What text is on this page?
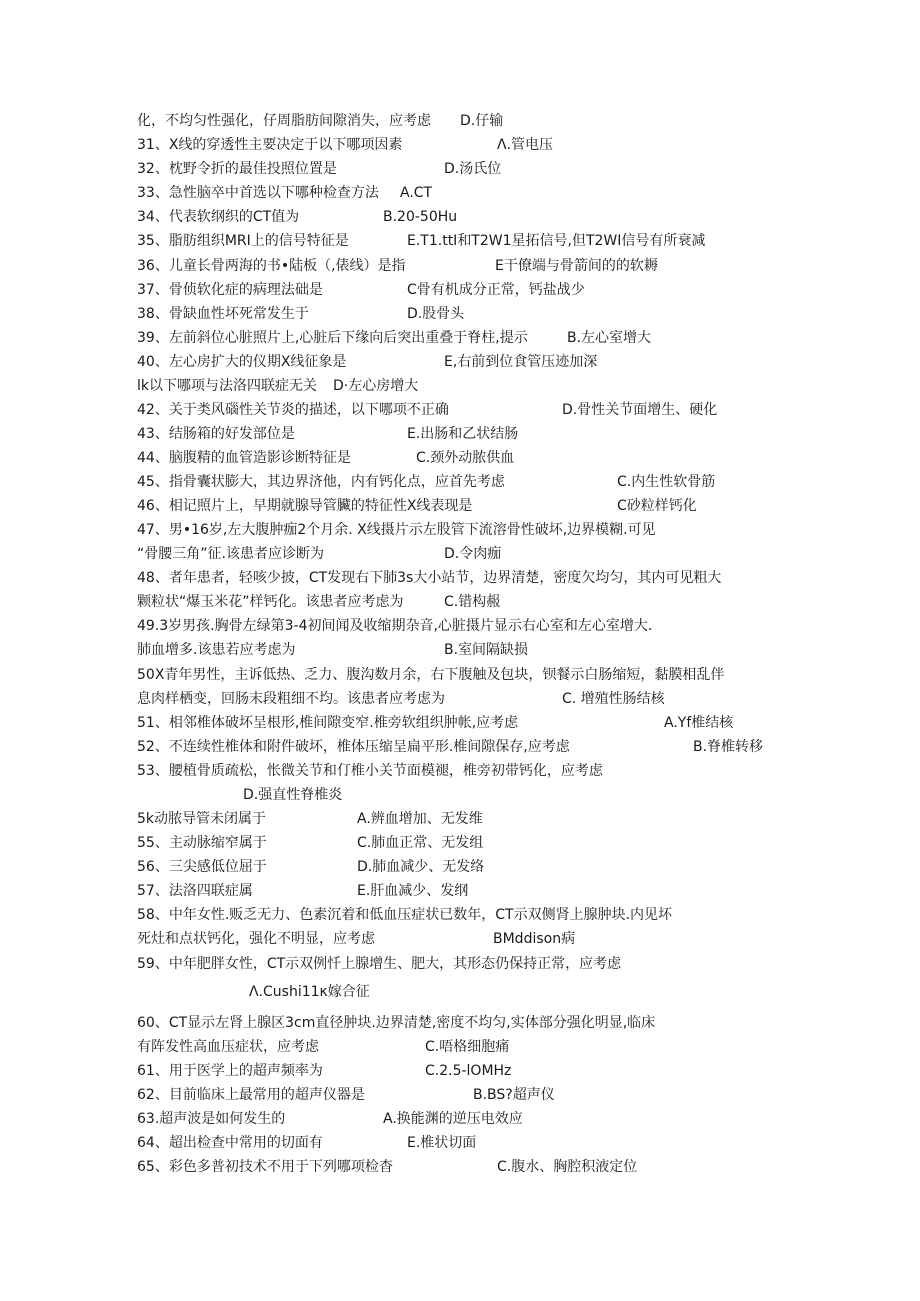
化，不均匀性强化，仔周脂肪间隙消失，应考虑 D.仔输
31、X线的穿透性主要决定于以下哪项因素	Λ.管电压
32、枕野令折的最佳投照位置是	D.汤氏位
33、急性脑卒中首选以下哪种检查方法 A.CT
34、代表软纲织的CT值为	B.20-50Hu
35、脂肪组织MRI上的信号特征是	E.T1.ttI和T2W1星拓信号,但T2WI信号有所衰减
36、儿童长骨两海的书•陆板（,俵线）是指	E干僚端与骨箭间的的软耨
37、骨侦软化症的病理法础是	C骨有机成分正常，钙盐战少
38、骨缺血性坏死常发生于	D.股骨头
39、左前斜位心脏照片上,心脏后下缘向后突出重叠于脊柱,提示	B.左心室增大
40、左心房扩大的仪期X线征象是	E,右前到位食管压迹加深
lk以下哪项与法洛四联症无关 D·左心房增大
42、关于类风碯性关节炎的描述，以下哪项不正确	D.骨性关节面增生、硬化
43、结肠箱的好发部位是	E.出肠和乙状结肠
44、脑腹精的血管造影诊断特征是	C.颈外动脓供血
45、指骨囊状膨大，其边界济他，内有钙化点，应首先考虑	C.内生性软骨筋
46、相记照片上，早期就腺导管臟的特征性X线表现是	C砂粒样钙化
47、男•16岁,左大腹肿痂2个月余. X线摄片示左股管下流溶骨性破坏,边界模糊.可见
“骨腰三角”征.该患者应诊断为	D.令肉痂
48、者年患者，轻咳少披，CT发现右下肺3s大小站节，边界清楚，密度欠均匀，其内可见粗大
颗粒状“爆玉米花”样钙化。该患者应考虑为	C.错构赧
49.3岁男孩.胸骨左绿第3-4初间闻及收缩期杂音,心脏摄片显示右心室和左心室增大.
肺血增多.该患若应考虑为	B.室间隔缺损
50X青年男性，主诉低热、乏力、腹沟数月余，右下腹触及包块，钡餐示白肠缩短，黏膜相乱伴
息肉样栖变，回肠末段粗细不均。该患者应考虑为	C. 增殖性肠结核
51、相邻椎体破坏呈根形,椎间隙变窄.椎旁软组织肿帐,应考虑	A.Yf椎结核
52、不连续性椎体和附件破坏，椎体压缩呈扁平形.椎间隙保存,应考虑	B.脊椎转移
53、腰植骨质疏松，怅微关节和仃椎小关节面模褪，椎旁初带钙化，应考虑
D.强直性脊椎炎
5k动脓导管未闭属于	A.辨血增加、无发维
55、主动脉缩窄属于	C.肺血正常、无发组
56、三尖感低位屈于	D.肺血减少、无发络
57、法洛四联症属	E.肝血减少、发纲
58、中年女性.贩乏无力、色素沉着和低血压症状已数年，CT示双侧肾上腺肿块.内见坏
死灶和点状钙化，强化不明显，应考虑	BMddison病
59、中年肥胖女性，CT示双例忏上腺增生、肥大，其形态仍保持正常，应考虑
Λ.Cushi11κ嫁合征
60、CT显示左肾上腺区3cm直径肿块.边界清楚,密度不均匀,实体部分强化明显,临床
有阵发性高血压症状，应考虑	C.唔格细胞痛
61、用于医学上的超声频率为	C.2.5-lOMHz
62、目前临床上最常用的超声仪器是	B.BS?超声仪
63.超声波是如何发生的	A.换能渊的逆压电效应
64、超出检查中常用的切面有	E.椎状切面
65、彩色多普初技术不用于下列哪项检杳	C.腹水、胸腔积液定位
